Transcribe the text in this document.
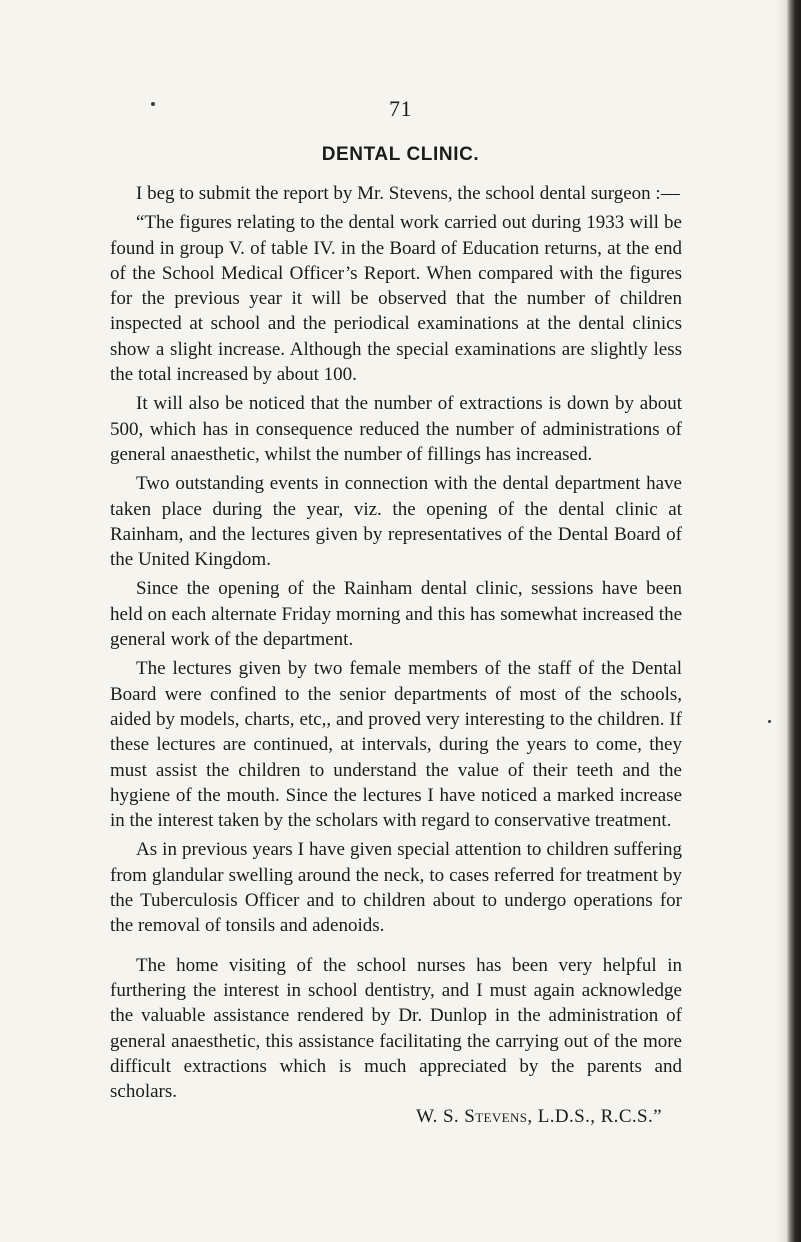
71
DENTAL CLINIC.

I beg to submit the report by Mr. Stevens, the school dental surgeon :—

“The figures relating to the dental work carried out during 1933 will be found in group V. of table IV. in the Board of Education returns, at the end of the School Medical Officer’s Report. When compared with the figures for the previous year it will be observed that the number of children inspected at school and the periodical examinations at the dental clinics show a slight increase. Although the special examinations are slightly less the total increased by about 100.

It will also be noticed that the number of extractions is down by about 500, which has in consequence reduced the number of administrations of general anaesthetic, whilst the number of fillings has increased.

Two outstanding events in connection with the dental department have taken place during the year, viz. the opening of the dental clinic at Rainham, and the lectures given by representatives of the Dental Board of the United Kingdom.

Since the opening of the Rainham dental clinic, sessions have been held on each alternate Friday morning and this has somewhat increased the general work of the department.

The lectures given by two female members of the staff of the Dental Board were confined to the senior departments of most of the schools, aided by models, charts, etc,, and proved very interesting to the children. If these lectures are continued, at intervals, during the years to come, they must assist the children to understand the value of their teeth and the hygiene of the mouth. Since the lectures I have noticed a marked increase in the interest taken by the scholars with regard to conservative treatment.

As in previous years I have given special attention to children suffering from glandular swelling around the neck, to cases referred for treatment by the Tuberculosis Officer and to children about to undergo operations for the removal of tonsils and adenoids.

The home visiting of the school nurses has been very helpful in furthering the interest in school dentistry, and I must again acknowledge the valuable assistance rendered by Dr. Dunlop in the administration of general anaesthetic, this assistance facilitating the carrying out of the more difficult extractions which is much appreciated by the parents and scholars.

W. S. Stevens, L.D.S., R.C.S.”
